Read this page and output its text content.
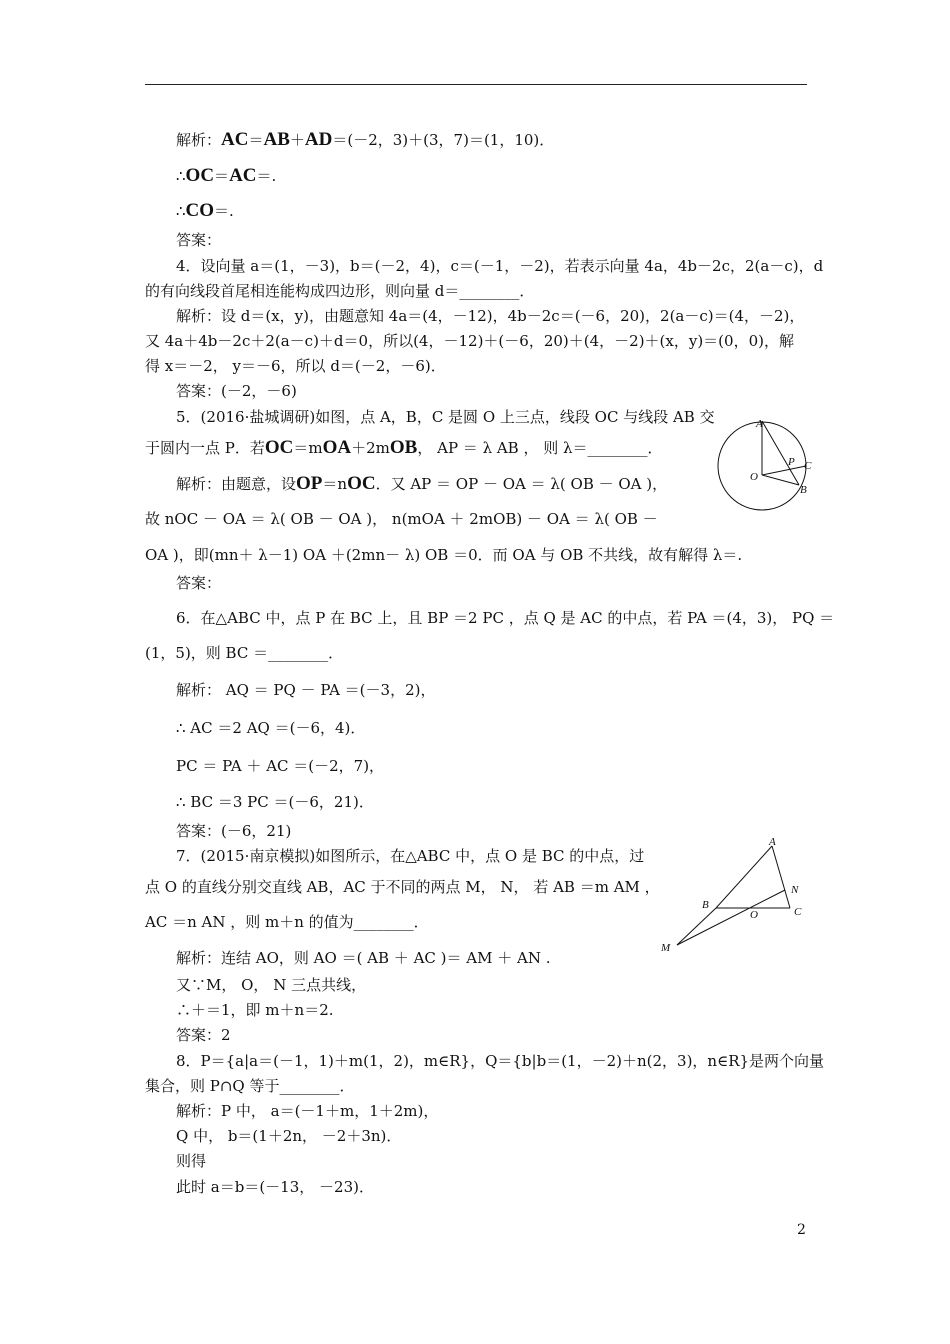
解析：AC＝AB＋AD＝(－2，3)＋(3，7)＝(1，10)．
∴OC＝AC＝.
∴CO＝.
答案：
4．设向量 a＝(1，－3)，b＝(－2，4)，c＝(－1，－2)，若表示向量 4a，4b－2c，2(a－c)，d
的有向线段首尾相连能构成四边形，则向量 d＝________．
解析：设 d＝(x，y)，由题意知 4a＝(4，－12)，4b－2c＝(－6，20)，2(a－c)＝(4，－2)，
又 4a＋4b－2c＋2(a－c)＋d＝0，所以(4，－12)＋(－6，20)＋(4，－2)＋(x，y)＝(0，0)，解
得 x＝－2， y＝－6，所以 d＝(－2，－6)．
答案：(－2，－6)
5．(2016·盐城调研)如图，点 A，B，C 是圆 O 上三点，线段 OC 与线段 AB 交
于圆内一点 P．若OC＝mOA＋2mOB， AP ＝ λ AB ， 则 λ＝________．
解析：由题意，设OP＝nOC．又 AP ＝ OP － OA ＝ λ( OB － OA )，
故 nOC － OA ＝ λ( OB － OA )， n(mOA ＋ 2mOB) － OA ＝ λ( OB －
OA )，即(mn＋ λ－1) OA ＋(2mn－ λ) OB ＝0．而 OA 与 OB 不共线，故有解得 λ＝.
答案：
6．在△ABC 中，点 P 在 BC 上，且 BP ＝2 PC ，点 Q 是 AC 的中点，若 PA ＝(4，3)， PQ ＝
(1，5)，则 BC ＝________．
解析： AQ ＝ PQ － PA ＝(－3，2)，
∴ AC ＝2 AQ ＝(－6，4)．
PC ＝ PA ＋ AC ＝(－2，7)，
∴ BC ＝3 PC ＝(－6，21)．
答案：(－6，21)
7．(2015·南京模拟)如图所示，在△ABC 中，点 O 是 BC 的中点，过
点 O 的直线分别交直线 AB，AC 于不同的两点 M， N， 若 AB ＝m AM ，
AC ＝n AN ，则 m＋n 的值为________．
解析：连结 AO，则 AO ＝( AB ＋ AC )＝ AM ＋ AN .
又∵M， O， N 三点共线，
∴＋＝1，即 m＋n＝2.
答案：2
8．P＝{a|a＝(－1，1)＋m(1，2)，m∈R}，Q＝{b|b＝(1，－2)＋n(2，3)，n∈R}是两个向量
集合，则 P∩Q 等于________．
解析：P 中， a＝(－1＋m，1＋2m)，
Q 中， b＝(1＋2n， －2＋3n)．
则得
此时 a＝b＝(－13， －23)．
A
P C
O
B
A
N
B
O	C
M
2
